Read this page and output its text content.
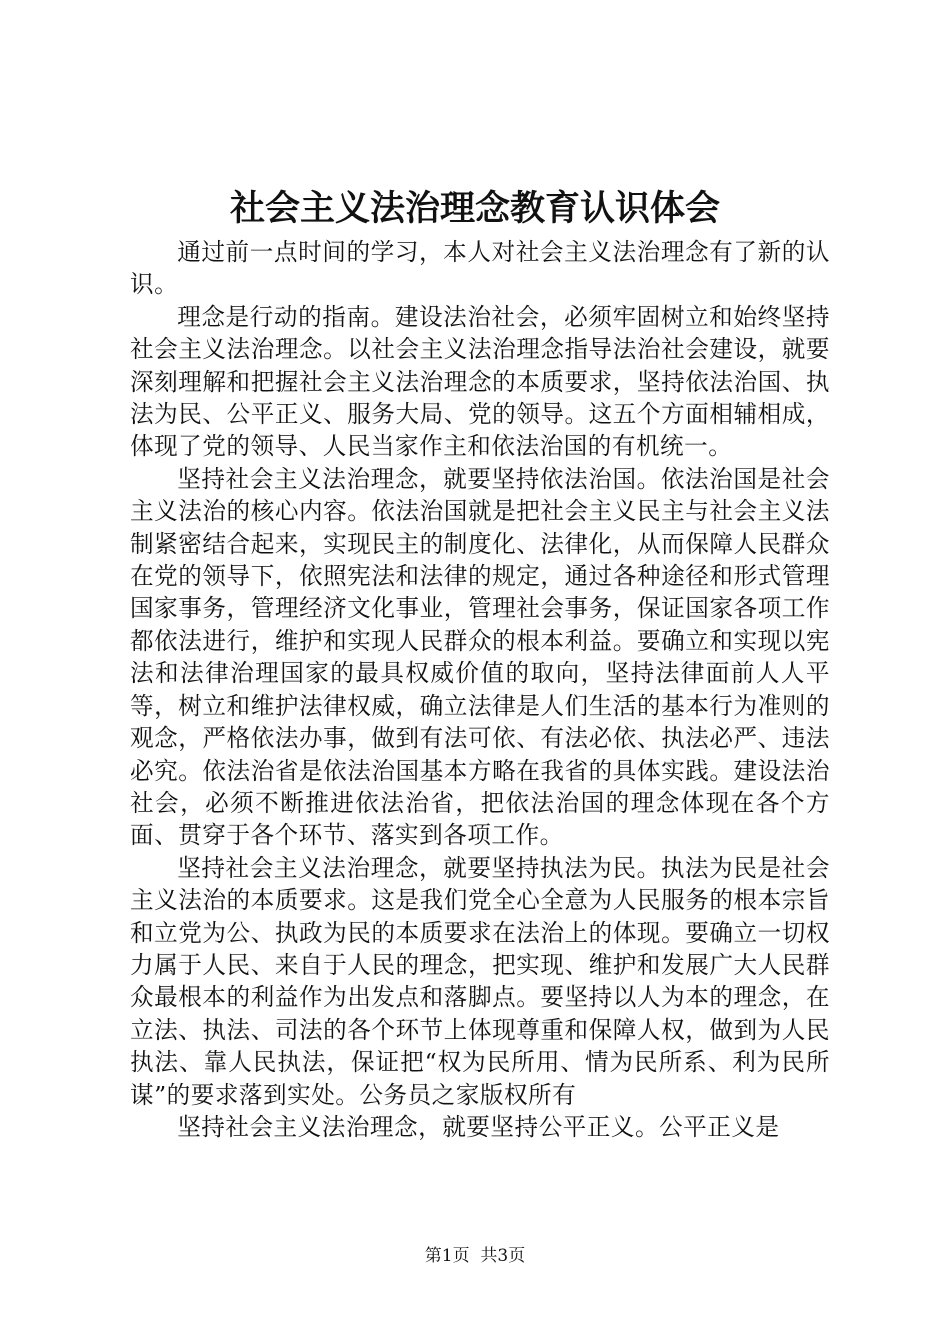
社会主义法治理念教育认识体会

通过前一点时间的学习，本人对社会主义法治理念有了新的认识。

理念是行动的指南。建设法治社会，必须牢固树立和始终坚持社会主义法治理念。以社会主义法治理念指导法治社会建设，就要深刻理解和把握社会主义法治理念的本质要求，坚持依法治国、执法为民、公平正义、服务大局、党的领导。这五个方面相辅相成，体现了党的领导、人民当家作主和依法治国的有机统一。

坚持社会主义法治理念，就要坚持依法治国。依法治国是社会主义法治的核心内容。依法治国就是把社会主义民主与社会主义法制紧密结合起来，实现民主的制度化、法律化，从而保障人民群众在党的领导下，依照宪法和法律的规定，通过各种途径和形式管理国家事务，管理经济文化事业，管理社会事务，保证国家各项工作都依法进行，维护和实现人民群众的根本利益。要确立和实现以宪法和法律治理国家的最具权威价值的取向，坚持法律面前人人平等，树立和维护法律权威，确立法律是人们生活的基本行为准则的观念，严格依法办事，做到有法可依、有法必依、执法必严、违法必究。依法治省是依法治国基本方略在我省的具体实践。建设法治社会，必须不断推进依法治省，把依法治国的理念体现在各个方面、贯穿于各个环节、落实到各项工作。

坚持社会主义法治理念，就要坚持执法为民。执法为民是社会主义法治的本质要求。这是我们党全心全意为人民服务的根本宗旨和立党为公、执政为民的本质要求在法治上的体现。要确立一切权力属于人民、来自于人民的理念，把实现、维护和发展广大人民群众最根本的利益作为出发点和落脚点。要坚持以人为本的理念，在立法、执法、司法的各个环节上体现尊重和保障人权，做到为人民执法、靠人民执法，保证把“权为民所用、情为民所系、利为民所谋”的要求落到实处。公务员之家版权所有

坚持社会主义法治理念，就要坚持公平正义。公平正义是

第1页  共3页
